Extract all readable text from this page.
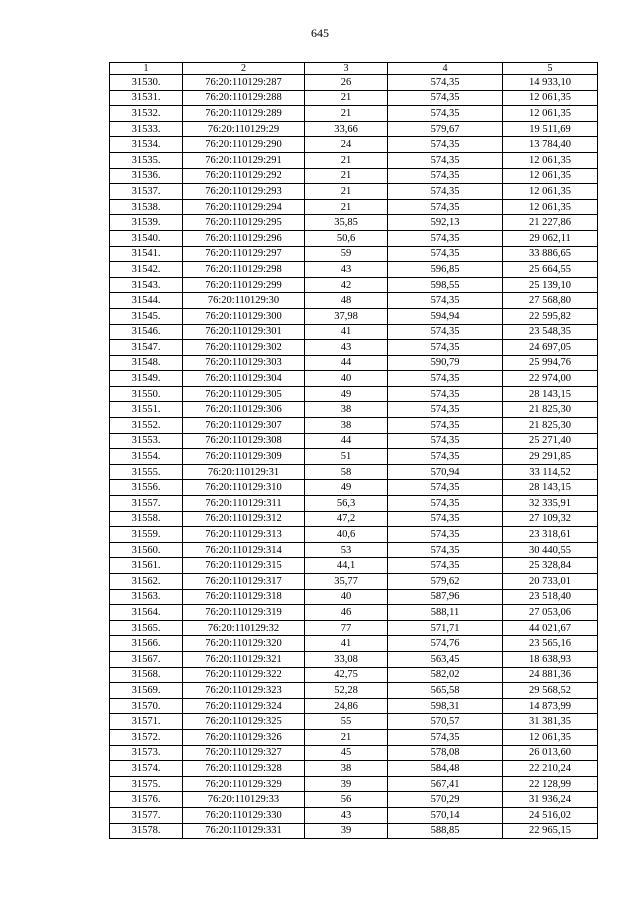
645
1	2	3	4	5
31530.	76:20:110129:287	26	574,35	14 933,10
31531.	76:20:110129:288	21	574,35	12 061,35
31532.	76:20:110129:289	21	574,35	12 061,35
31533.	76:20:110129:29	33,66	579,67	19 511,69
31534.	76:20:110129:290	24	574,35	13 784,40
31535.	76:20:110129:291	21	574,35	12 061,35
31536.	76:20:110129:292	21	574,35	12 061,35
31537.	76:20:110129:293	21	574,35	12 061,35
31538.	76:20:110129:294	21	574,35	12 061,35
31539.	76:20:110129:295	35,85	592,13	21 227,86
31540.	76:20:110129:296	50,6	574,35	29 062,11
31541.	76:20:110129:297	59	574,35	33 886,65
31542.	76:20:110129:298	43	596,85	25 664,55
31543.	76:20:110129:299	42	598,55	25 139,10
31544.	76:20:110129:30	48	574,35	27 568,80
31545.	76:20:110129:300	37,98	594,94	22 595,82
31546.	76:20:110129:301	41	574,35	23 548,35
31547.	76:20:110129:302	43	574,35	24 697,05
31548.	76:20:110129:303	44	590,79	25 994,76
31549.	76:20:110129:304	40	574,35	22 974,00
31550.	76:20:110129:305	49	574,35	28 143,15
31551.	76:20:110129:306	38	574,35	21 825,30
31552.	76:20:110129:307	38	574,35	21 825,30
31553.	76:20:110129:308	44	574,35	25 271,40
31554.	76:20:110129:309	51	574,35	29 291,85
31555.	76:20:110129:31	58	570,94	33 114,52
31556.	76:20:110129:310	49	574,35	28 143,15
31557.	76:20:110129:311	56,3	574,35	32 335,91
31558.	76:20:110129:312	47,2	574,35	27 109,32
31559.	76:20:110129:313	40,6	574,35	23 318,61
31560.	76:20:110129:314	53	574,35	30 440,55
31561.	76:20:110129:315	44,1	574,35	25 328,84
31562.	76:20:110129:317	35,77	579,62	20 733,01
31563.	76:20:110129:318	40	587,96	23 518,40
31564.	76:20:110129:319	46	588,11	27 053,06
31565.	76:20:110129:32	77	571,71	44 021,67
31566.	76:20:110129:320	41	574,76	23 565,16
31567.	76:20:110129:321	33,08	563,45	18 638,93
31568.	76:20:110129:322	42,75	582,02	24 881,36
31569.	76:20:110129:323	52,28	565,58	29 568,52
31570.	76:20:110129:324	24,86	598,31	14 873,99
31571.	76:20:110129:325	55	570,57	31 381,35
31572.	76:20:110129:326	21	574,35	12 061,35
31573.	76:20:110129:327	45	578,08	26 013,60
31574.	76:20:110129:328	38	584,48	22 210,24
31575.	76:20:110129:329	39	567,41	22 128,99
31576.	76:20:110129:33	56	570,29	31 936,24
31577.	76:20:110129:330	43	570,14	24 516,02
31578.	76:20:110129:331	39	588,85	22 965,15
